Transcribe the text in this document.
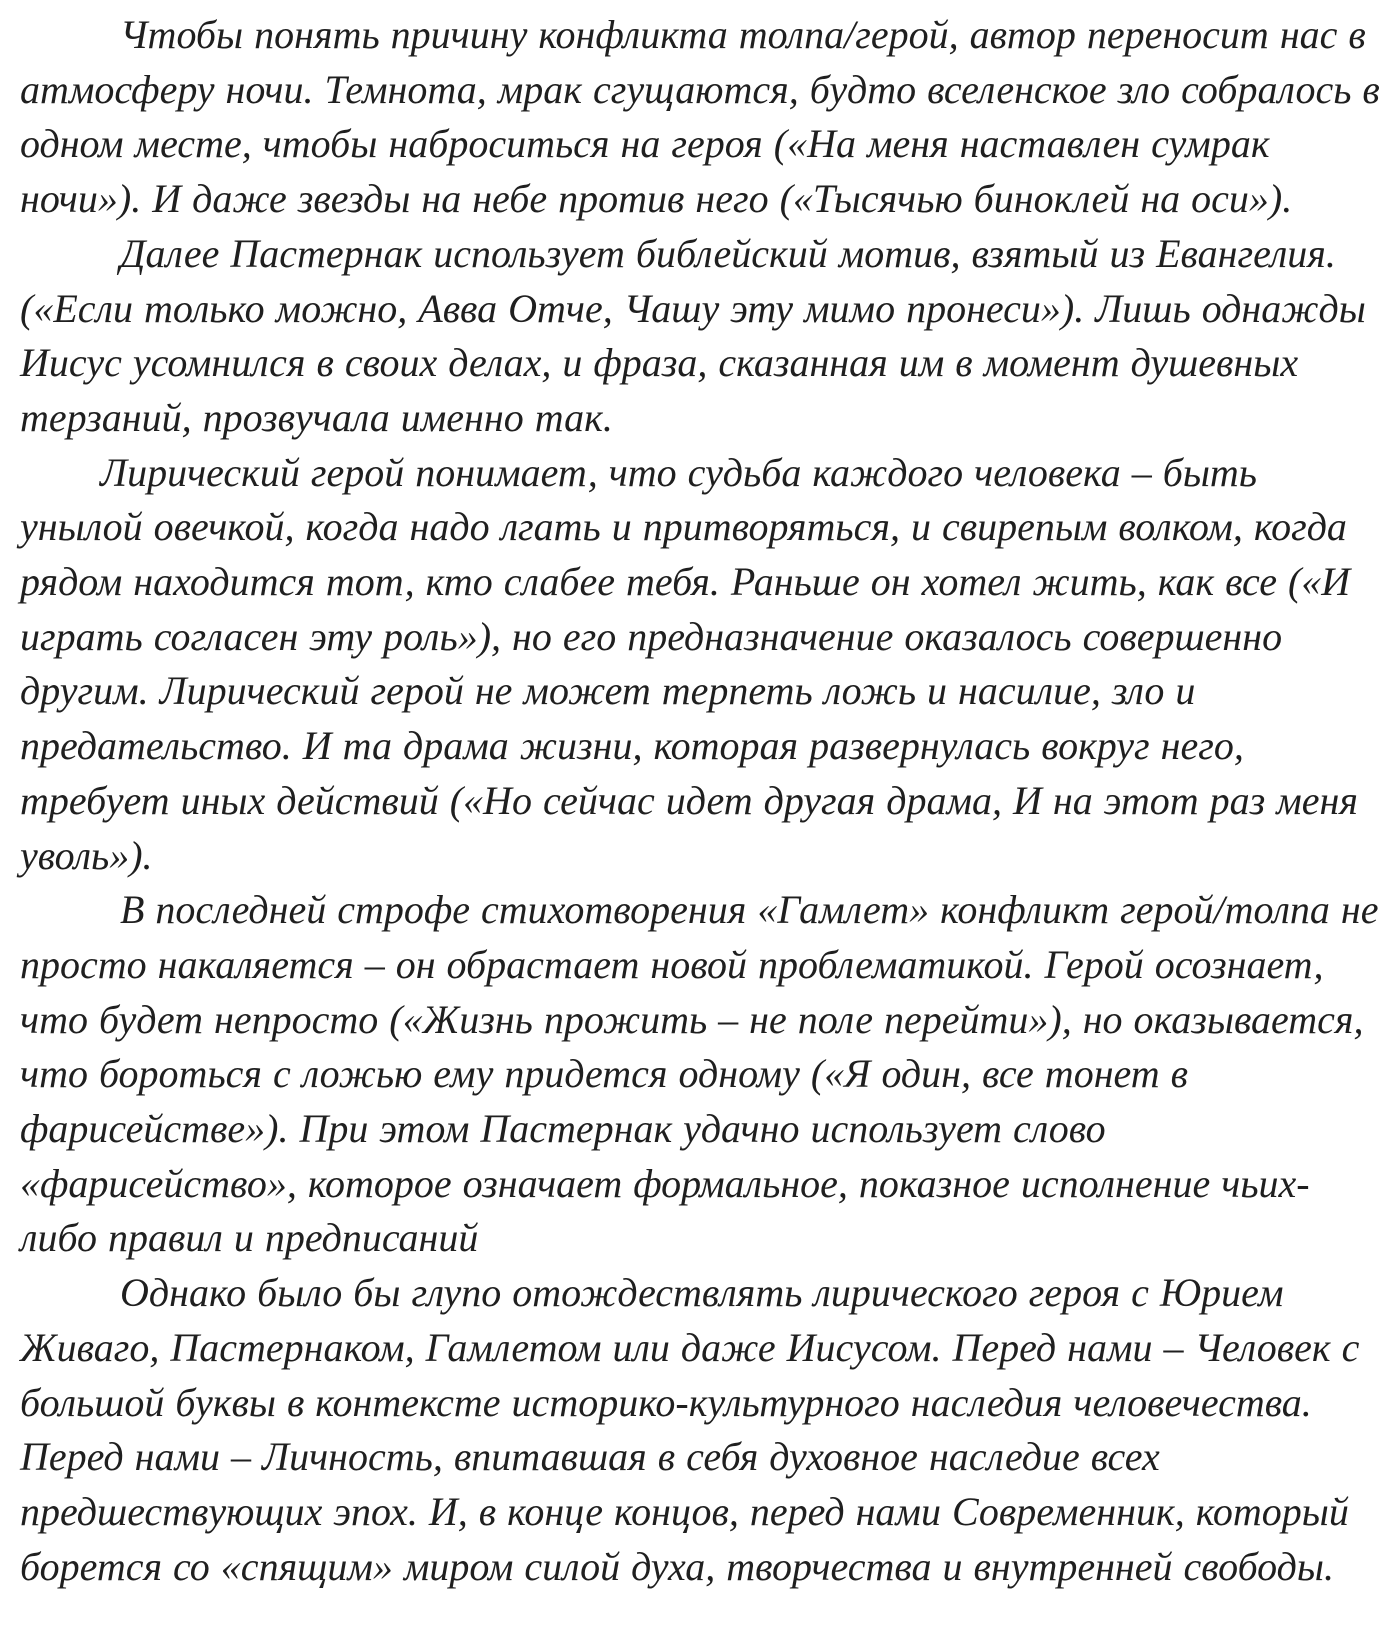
Чтобы понять причину конфликта толпа/герой, автор переносит нас в атмосферу ночи. Темнота, мрак сгущаются, будто вселенское зло собралось в одном месте, чтобы наброситься на героя («На меня наставлен сумрак ночи»). И даже звезды на небе против него («Тысячью биноклей на оси»).

Далее Пастернак использует библейский мотив, взятый из Евангелия. («Если только можно, Авва Отче, Чашу эту мимо пронеси»). Лишь однажды Иисус усомнился в своих делах, и фраза, сказанная им в момент душевных терзаний, прозвучала именно так.

Лирический герой понимает, что судьба каждого человека – быть унылой овечкой, когда надо лгать и притворяться, и свирепым волком, когда рядом находится тот, кто слабее тебя. Раньше он хотел жить, как все («И играть согласен эту роль»), но его предназначение оказалось совершенно другим. Лирический герой не может терпеть ложь и насилие, зло и предательство. И та драма жизни, которая развернулась вокруг него, требует иных действий («Но сейчас идет другая драма, И на этот раз меня уволь»).

В последней строфе стихотворения «Гамлет» конфликт герой/толпа не просто накаляется – он обрастает новой проблематикой. Герой осознает, что будет непросто («Жизнь прожить – не поле перейти»), но оказывается, что бороться с ложью ему придется одному («Я один, все тонет в фарисействе»). При этом Пастернак удачно использует слово «фарисейство», которое означает формальное, показное исполнение чьих-либо правил и предписаний

Однако было бы глупо отождествлять лирического героя с Юрием Живаго, Пастернаком, Гамлетом или даже Иисусом. Перед нами – Человек с большой буквы в контексте историко-культурного наследия человечества. Перед нами – Личность, впитавшая в себя духовное наследие всех предшествующих эпох. И, в конце концов, перед нами Современник, который борется со «спящим» миром силой духа, творчества и внутренней свободы.
